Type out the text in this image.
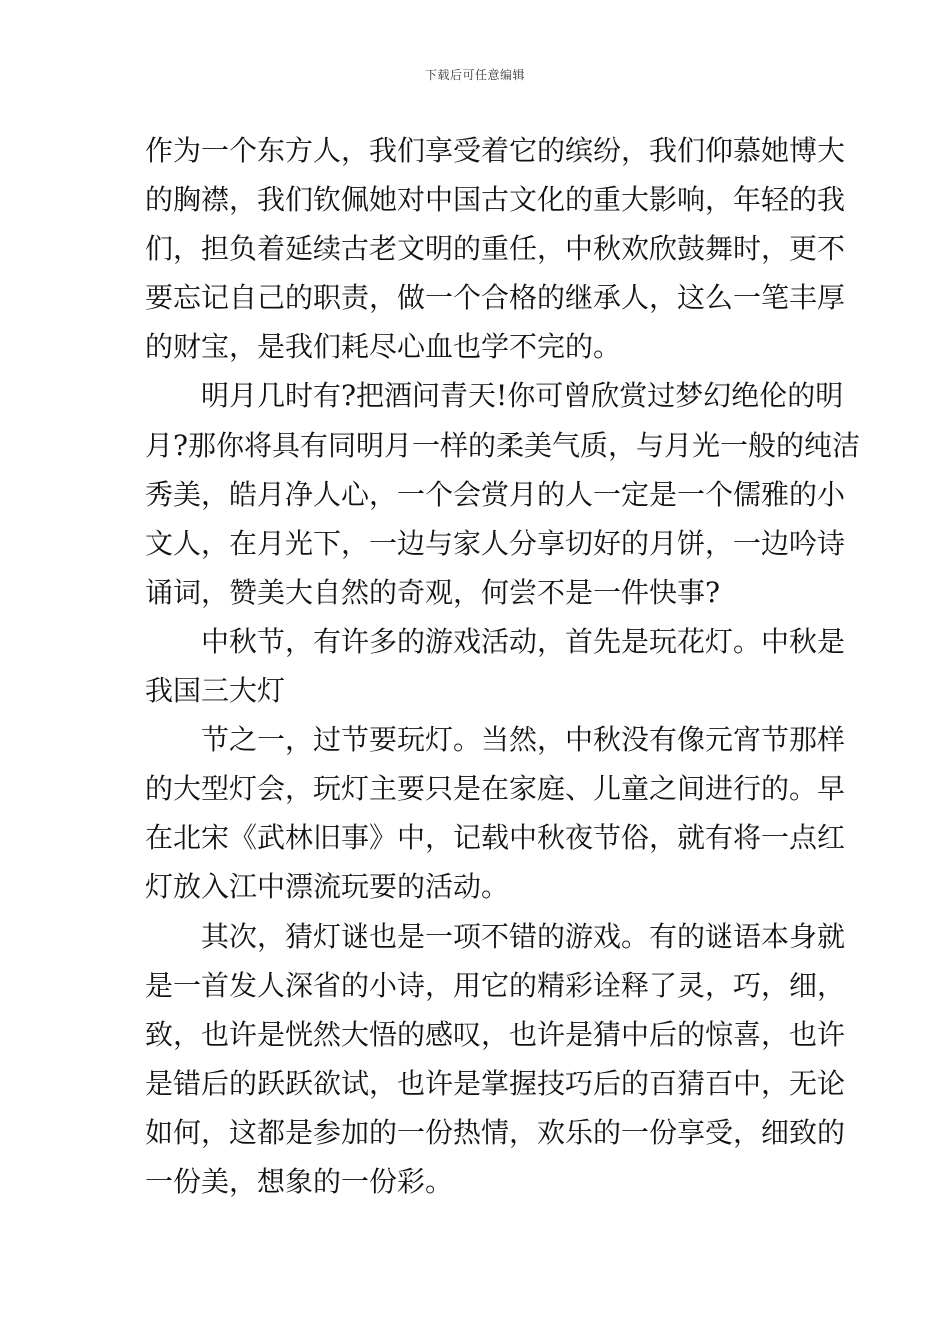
下载后可任意编辑
作为一个东方人，我们享受着它的缤纷，我们仰慕她博大
的胸襟，我们钦佩她对中国古文化的重大影响，年轻的我
们，担负着延续古老文明的重任，中秋欢欣鼓舞时，更不
要忘记自己的职责，做一个合格的继承人，这么一笔丰厚
的财宝，是我们耗尽心血也学不完的。
明月几时有?把酒问青天!你可曾欣赏过梦幻绝伦的明
月?那你将具有同明月一样的柔美气质，与月光一般的纯洁
秀美，皓月净人心，一个会赏月的人一定是一个儒雅的小
文人，在月光下，一边与家人分享切好的月饼，一边吟诗
诵词，赞美大自然的奇观，何尝不是一件快事?
中秋节，有许多的游戏活动，首先是玩花灯。中秋是
我国三大灯
节之一，过节要玩灯。当然，中秋没有像元宵节那样
的大型灯会，玩灯主要只是在家庭、儿童之间进行的。早
在北宋《武林旧事》中，记载中秋夜节俗，就有将一点红
灯放入江中漂流玩要的活动。
其次，猜灯谜也是一项不错的游戏。有的谜语本身就
是一首发人深省的小诗，用它的精彩诠释了灵，巧，细，
致，也许是恍然大悟的感叹，也许是猜中后的惊喜，也许
是错后的跃跃欲试，也许是掌握技巧后的百猜百中，无论
如何，这都是参加的一份热情，欢乐的一份享受，细致的
一份美，想象的一份彩。
